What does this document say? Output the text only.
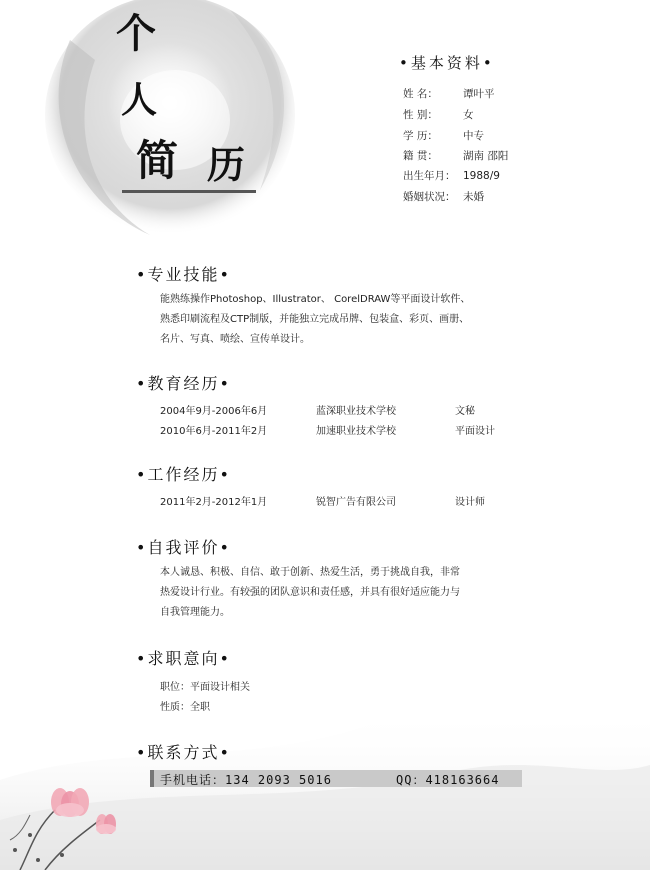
个
人
简 历
•基本资料•
姓 名： 谭叶平
性 别： 女
学 历： 中专
籍 贯： 湖南 邵阳
出生年月： 1988/9
婚姻状况： 未婚
•专业技能•
能熟练操作Photoshop、Illustrator、 CorelDRAW等平面设计软件、
熟悉印刷流程及CTP制版，并能独立完成吊牌、包装盒、彩页、画册、
名片、写真、喷绘、宣传单设计。
•教育经历•
2004年9月-2006年6月	蓝深职业技术学校	文秘
2010年6月-2011年2月	加速职业技术学校	平面设计
•工作经历•
2011年2月-2012年1月	锐智广告有限公司	设计师
•自我评价•
本人诚恳、积极、自信、敢于创新、热爱生活，勇于挑战自我，非常
热爱设计行业。有较强的团队意识和责任感，并具有很好适应能力与
自我管理能力。
•求职意向•
职位：平面设计相关
性质：全职
•联系方式•
手机电话：134 2093 5016	QQ：418163664
